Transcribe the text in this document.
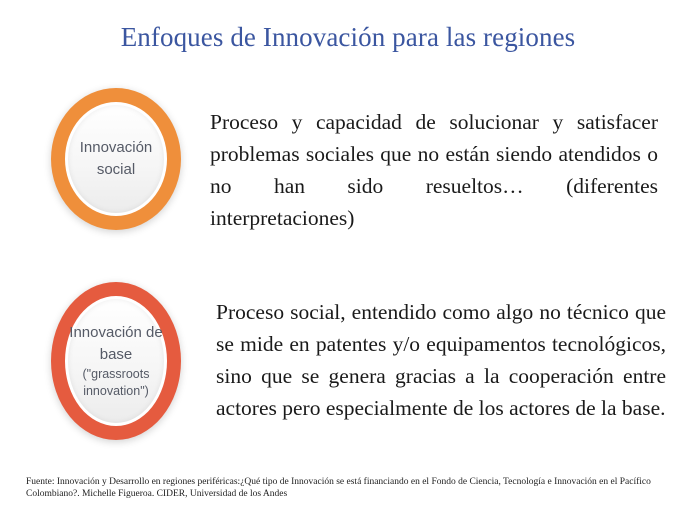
Enfoques de Innovación para las regiones
Innovación
social
Proceso y capacidad de solucionar y satisfacer problemas sociales que no están siendo atendidos o no han sido resueltos… (diferentes interpretaciones)
Innovación de
base
("grassroots
innovation")
Proceso social, entendido como algo no técnico que se mide en patentes y/o equipamentos tecnológicos, sino que se genera gracias a la cooperación entre actores pero especialmente de los actores de la base.
Fuente: Innovación y Desarrollo en regiones periféricas:¿Qué tipo de Innovación se está financiando en el Fondo de Ciencia, Tecnología e Innovación en el Pacífico Colombiano?. Michelle Figueroa. CIDER, Universidad de los Andes
